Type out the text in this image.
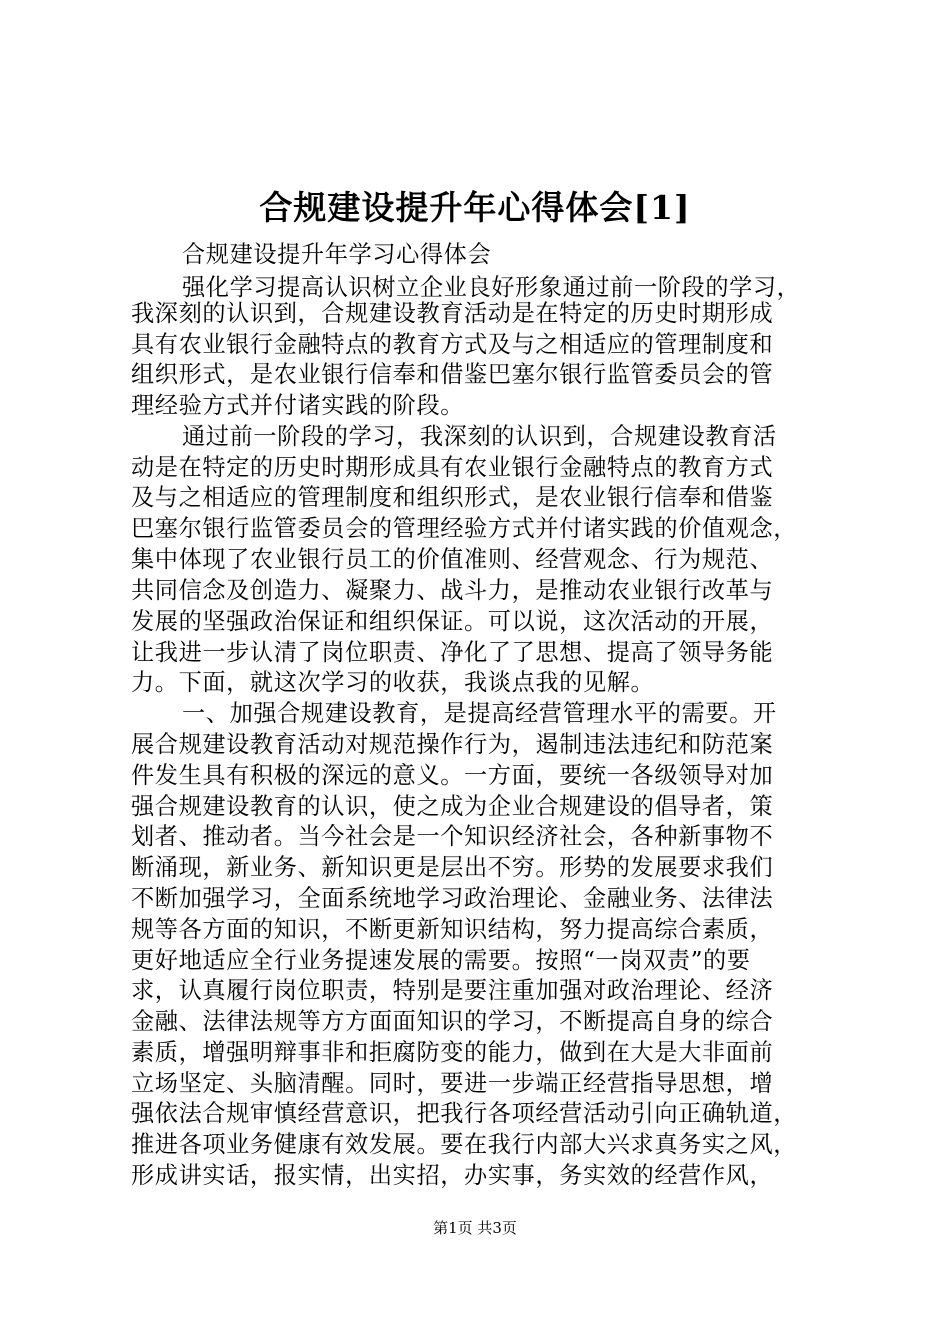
合规建设提升年心得体会[1]
合规建设提升年学习心得体会
强化学习提高认识树立企业良好形象通过前一阶段的学习，
我深刻的认识到，合规建设教育活动是在特定的历史时期形成
具有农业银行金融特点的教育方式及与之相适应的管理制度和
组织形式，是农业银行信奉和借鉴巴塞尔银行监管委员会的管
理经验方式并付诸实践的阶段。
通过前一阶段的学习，我深刻的认识到，合规建设教育活
动是在特定的历史时期形成具有农业银行金融特点的教育方式
及与之相适应的管理制度和组织形式，是农业银行信奉和借鉴
巴塞尔银行监管委员会的管理经验方式并付诸实践的价值观念，
集中体现了农业银行员工的价值准则、经营观念、行为规范、
共同信念及创造力、凝聚力、战斗力，是推动农业银行改革与
发展的坚强政治保证和组织保证。可以说，这次活动的开展，
让我进一步认清了岗位职责、净化了了思想、提高了领导务能
力。下面，就这次学习的收获，我谈点我的见解。
一、加强合规建设教育，是提高经营管理水平的需要。开
展合规建设教育活动对规范操作行为，遏制违法违纪和防范案
件发生具有积极的深远的意义。一方面，要统一各级领导对加
强合规建设教育的认识，使之成为企业合规建设的倡导者，策
划者、推动者。当今社会是一个知识经济社会，各种新事物不
断涌现，新业务、新知识更是层出不穷。形势的发展要求我们
不断加强学习，全面系统地学习政治理论、金融业务、法律法
规等各方面的知识，不断更新知识结构，努力提高综合素质，
更好地适应全行业务提速发展的需要。按照“一岗双责”的要
求，认真履行岗位职责，特别是要注重加强对政治理论、经济
金融、法律法规等方方面面知识的学习，不断提高自身的综合
素质，增强明辩事非和拒腐防变的能力，做到在大是大非面前
立场坚定、头脑清醒。同时，要进一步端正经营指导思想，增
强依法合规审慎经营意识，把我行各项经营活动引向正确轨道，
推进各项业务健康有效发展。要在我行内部大兴求真务实之风，
形成讲实话，报实情，出实招，办实事，务实效的经营作风，
第1页 共3页
